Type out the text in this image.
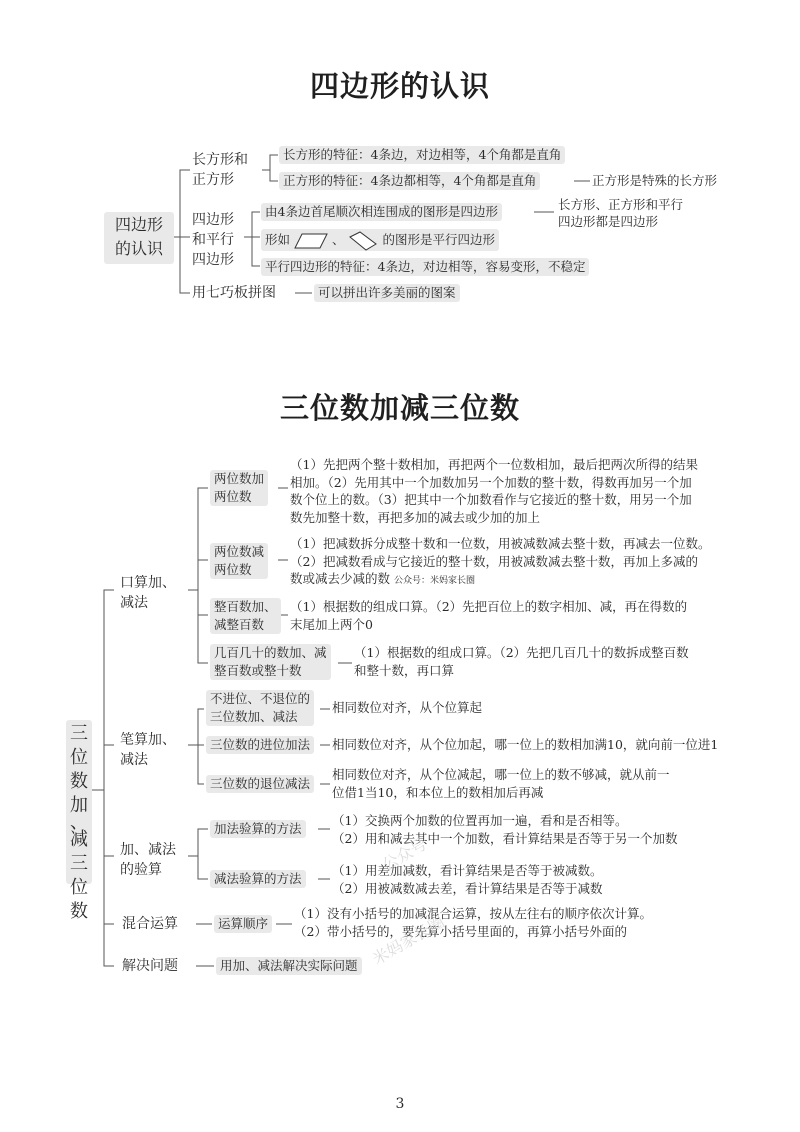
四边形的认识
四边形
的认识
长方形和
正方形
长方形的特征：4条边，对边相等，4个角都是直角
正方形的特征：4条边都相等，4个角都是直角	正方形是特殊的长方形
四边形
和平行
四边形
由4条边首尾顺次相连围成的图形是四边形	长方形、正方形和平行
四边形都是四边形
形如	、	的图形是平行四边形
平行四边形的特征：4条边，对边相等，容易变形，不稳定
用七巧板拼图	可以拼出许多美丽的图案
三位数加减三位数
三
位
数
加
、
减
三
位
数
口算加、
减法
两位数加
两位数
（1）先把两个整十数相加，再把两个一位数相加，最后把两次所得的结果
相加。（2）先用其中一个加数加另一个加数的整十数，得数再加另一个加
数个位上的数。（3）把其中一个加数看作与它接近的整十数，用另一个加
数先加整十数，再把多加的减去或少加的加上
两位数减
两位数
（1）把减数拆分成整十数和一位数，用被减数减去整十数，再减去一位数。
（2）把减数看成与它接近的整十数，用被减数减去整十数，再加上多减的
数或减去少减的数 公众号：米妈家长圈
整百数加、
减整百数
（1）根据数的组成口算。（2）先把百位上的数字相加、减，再在得数的
末尾加上两个0
几百几十的数加、减
整百数或整十数
（1）根据数的组成口算。（2）先把几百几十的数拆成整百数
和整十数，再口算
笔算加、
减法
不进位、不退位的
三位数加、减法
相同数位对齐，从个位算起
三位数的进位加法	相同数位对齐，从个位加起，哪一位上的数相加满10，就向前一位进1
三位数的退位减法
相同数位对齐，从个位减起，哪一位上的数不够减，就从前一
位借1当10，和本位上的数相加后再减
加、减法
的验算
加法验算的方法
（1）交换两个加数的位置再加一遍，看和是否相等。
（2）用和减去其中一个加数，看计算结果是否等于另一个加数
减法验算的方法
（1）用差加减数，看计算结果是否等于被减数。
（2）用被减数减去差，看计算结果是否等于减数
混合运算	运算顺序
（1）没有小括号的加减混合运算，按从左往右的顺序依次计算。
（2）带小括号的，要先算小括号里面的，再算小括号外面的
解决问题	用加、减法解决实际问题
公众号
米妈家长圈
3
